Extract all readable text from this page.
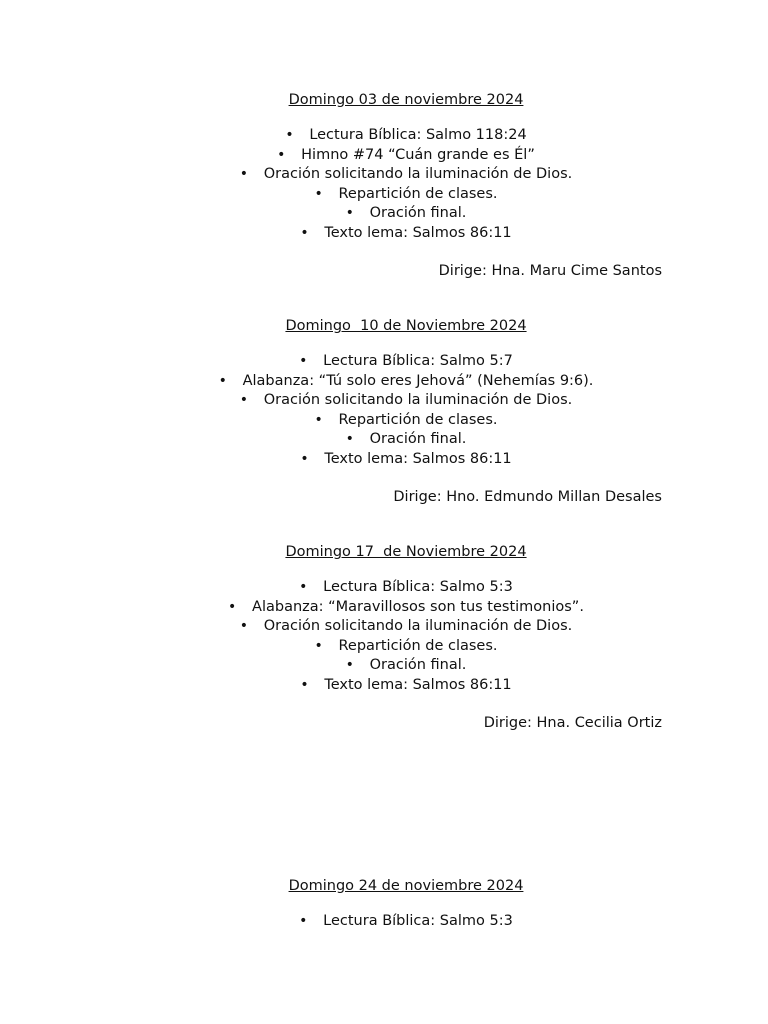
Domingo 03 de noviembre 2024
• Lectura Bíblica: Salmo 118:24
• Himno #74 “Cuán grande es Él”
• Oración solicitando la iluminación de Dios.
• Repartición de clases.
• Oración final.
• Texto lema: Salmos 86:11
Dirige: Hna. Maru Cime Santos
Domingo  10 de Noviembre 2024
• Lectura Bíblica: Salmo 5:7
• Alabanza: “Tú solo eres Jehová” (Nehemías 9:6).
• Oración solicitando la iluminación de Dios.
• Repartición de clases.
• Oración final.
• Texto lema: Salmos 86:11
Dirige: Hno. Edmundo Millan Desales
Domingo 17  de Noviembre 2024
• Lectura Bíblica: Salmo 5:3
• Alabanza: “Maravillosos son tus testimonios”.
• Oración solicitando la iluminación de Dios.
• Repartición de clases.
• Oración final.
• Texto lema: Salmos 86:11
Dirige: Hna. Cecilia Ortiz
Domingo 24 de noviembre 2024
• Lectura Bíblica: Salmo 5:3
